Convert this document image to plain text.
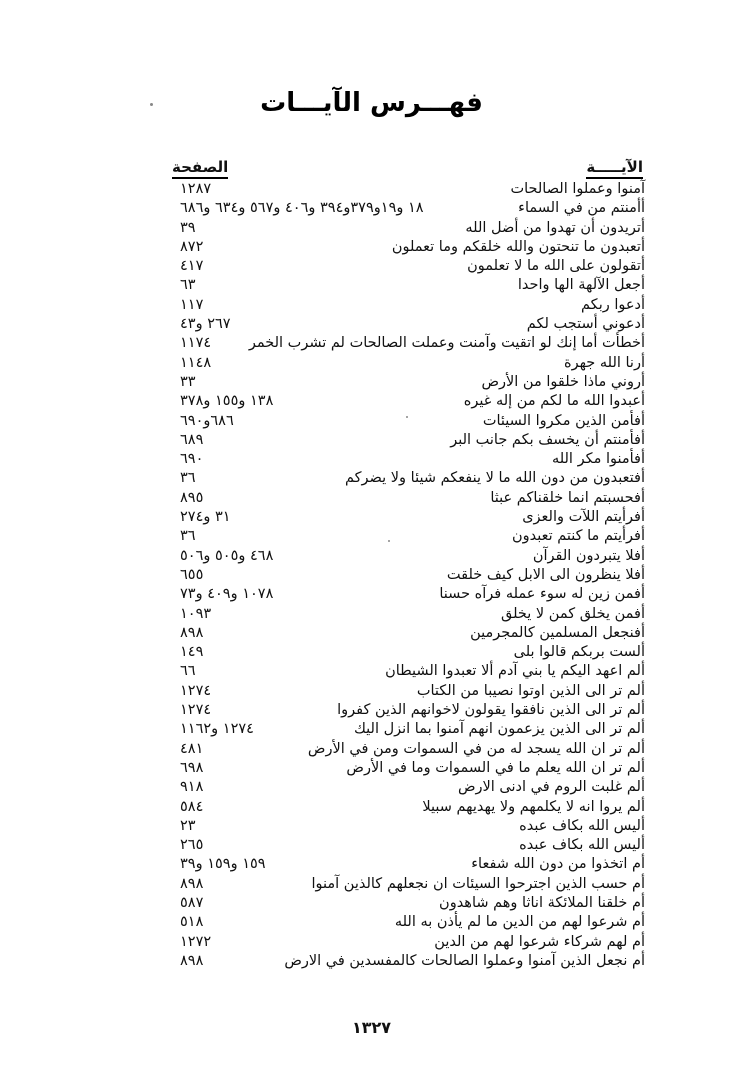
فهـــرس الآيـــات
الآيـــــة
الصفحة
آمنوا وعملوا الصالحات
١٢٨٧
أأمنتم من في السماء
١٨ و١٩و٣٧٩و٣٩٤ و٤٠٦ و٥٦٧ و٦٣٤ و٦٨٦
أتريدون أن تهدوا من أضل الله
٣٩
أتعبدون ما تنحتون والله خلقكم وما تعملون
٨٧٢
أتقولون على الله ما لا تعلمون
٤١٧
أجعل الآلهة الها واحدا
٦٣
أدعوا ربكم
١١٧
أدعوني أستجب لكم
٢٦٧ و٤٣
أخطأت أما إنك لو اتقيت وآمنت وعملت الصالحات لم تشرب الخمر
١١٧٤
أرنا الله جهرة
١١٤٨
أروني ماذا خلقوا من الأرض
٣٣
أعبدوا الله ما لكم من إله غيره
١٣٨ و١٥٥ و٣٧٨
أفأمن الذين مكروا السيئات
٦٨٦و٦٩٠
أفأمنتم أن يخسف بكم جانب البر
٦٨٩
أفأمنوا مكر الله
٦٩٠
أفتعبدون من دون الله ما لا ينفعكم شيئا ولا يضركم
٣٦
أفحسبتم انما خلقناكم عبثا
٨٩٥
أفرأيتم اللآت والعزى
٣١ و٢٧٤
أفرأيتم ما كنتم تعبدون
٣٦
أفلا يتبردون القرآن
٤٦٨ و٥٠٥ و٥٠٦
أفلا ينظرون الى الابل كيف خلقت
٦٥٥
أفمن زين له سوء عمله فرآه حسنا
١٠٧٨ و٤٠٩ و٧٣
أفمن يخلق كمن لا يخلق
١٠٩٣
أفنجعل المسلمين كالمجرمين
٨٩٨
ألست بربكم قالوا بلى
١٤٩
ألم اعهد اليكم يا بني آدم ألا تعبدوا الشيطان
٦٦
ألم تر الى الذين اوتوا نصيبا من الكتاب
١٢٧٤
ألم تر الى الذين نافقوا يقولون لاخوانهم الذين كفروا
١٢٧٤
ألم تر الى الذين يزعمون انهم آمنوا بما انزل اليك
١٢٧٤ و١١٦٢
ألم تر ان الله يسجد له من في السموات ومن في الأرض
٤٨١
ألم تر ان الله يعلم ما في السموات وما في الأرض
٦٩٨
ألم غلبت الروم في ادنى الارض
٩١٨
ألم يروا انه لا يكلمهم ولا يهديهم سبيلا
٥٨٤
أليس الله بكاف عبده
٢٣
أليس الله بكاف عبده
٢٦٥
أم اتخذوا من دون الله شفعاء
١٥٩ و١٥٩ و٣٩
أم حسب الذين اجترحوا السيئات ان نجعلهم كالذين آمنوا
٨٩٨
أم خلقنا الملائكة اناثا وهم شاهدون
٥٨٧
أم شرعوا لهم من الدين ما لم يأذن به الله
٥١٨
أم لهم شركاء شرعوا لهم من الدين
١٢٧٢
أم نجعل الذين آمنوا وعملوا الصالحات كالمفسدين في الارض
٨٩٨
١٣٢٧
